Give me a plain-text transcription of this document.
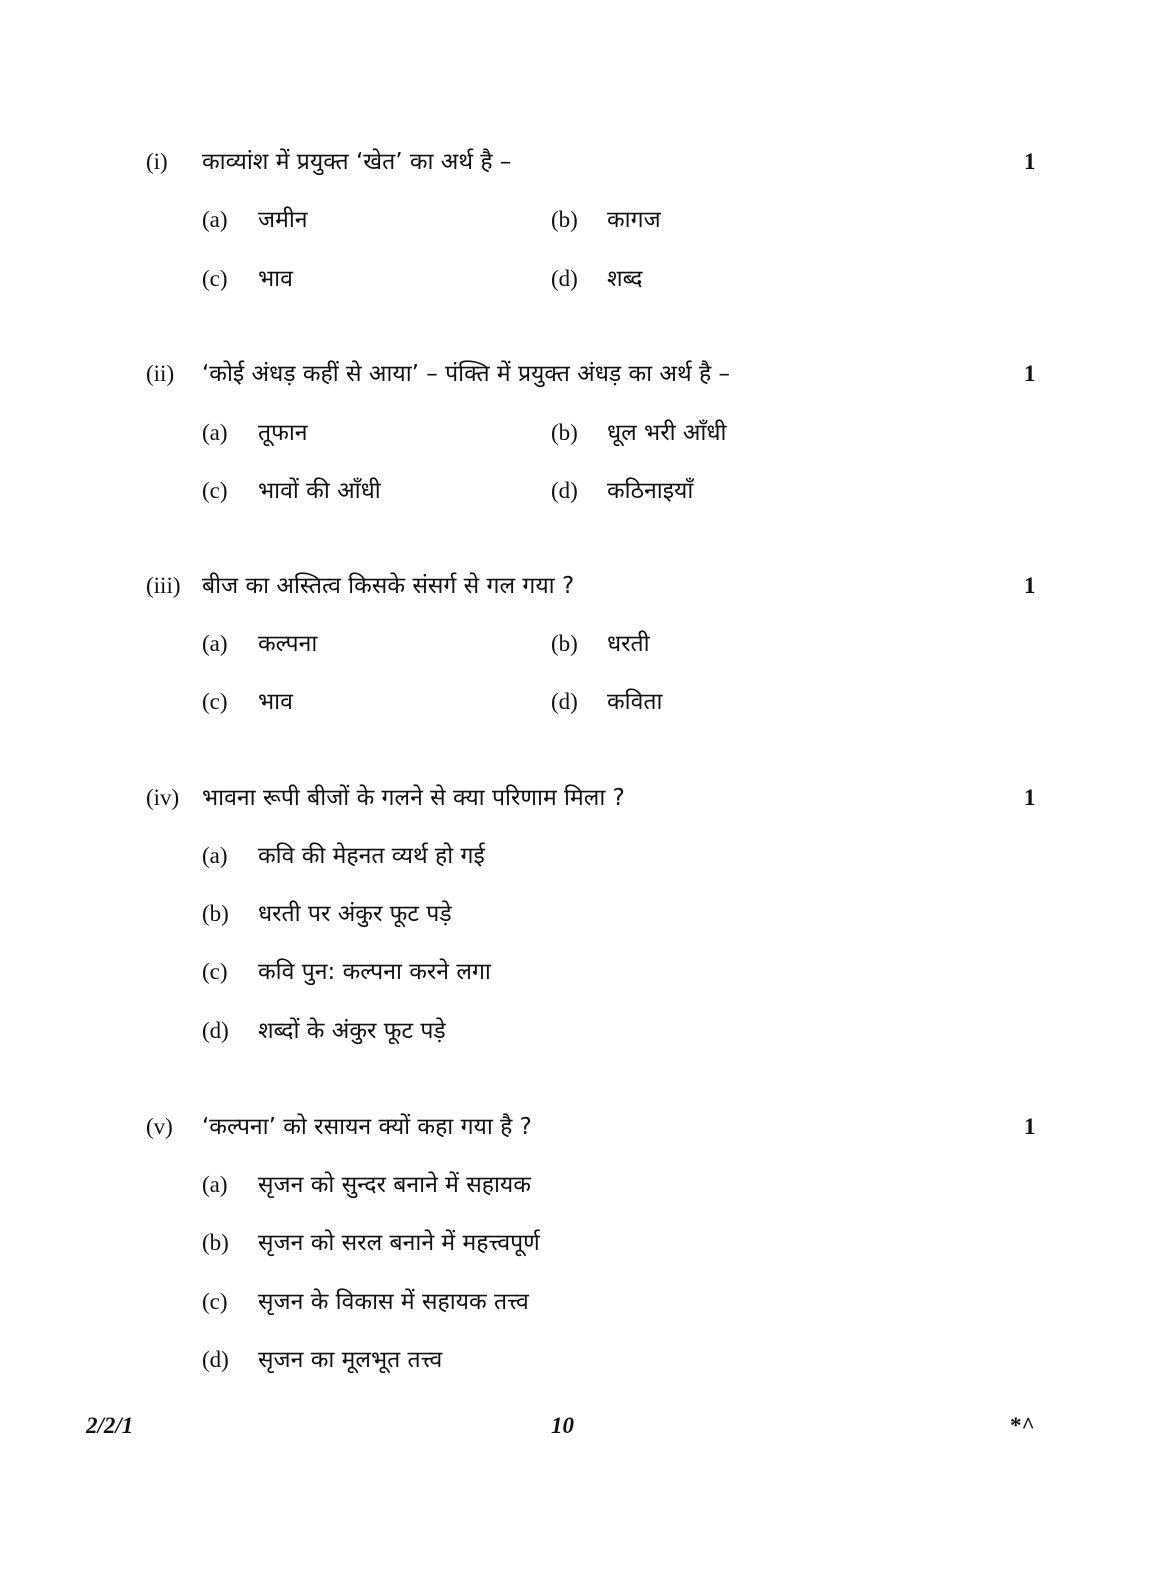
(i) काव्यांश में प्रयुक्त ‘खेत’ का अर्थ है –	1
(a) जमीन	(b) कागज
(c) भाव	(d) शब्द
(ii) ‘कोई अंधड़ कहीं से आया’ – पंक्ति में प्रयुक्त अंधड़ का अर्थ है –	1
(a) तूफान	(b) धूल भरी आँधी
(c) भावों की आँधी	(d) कठिनाइयाँ
(iii) बीज का अस्तित्व किसके संसर्ग से गल गया ?	1
(a) कल्पना	(b) धरती
(c) भाव	(d) कविता
(iv) भावना रूपी बीजों के गलने से क्या परिणाम मिला ?	1
(a) कवि की मेहनत व्यर्थ हो गई
(b) धरती पर अंकुर फूट पड़े
(c) कवि पुन: कल्पना करने लगा
(d) शब्दों के अंकुर फूट पड़े
(v) ‘कल्पना’ को रसायन क्यों कहा गया है ?	1
(a) सृजन को सुन्दर बनाने में सहायक
(b) सृजन को सरल बनाने में महत्त्वपूर्ण
(c) सृजन के विकास में सहायक तत्त्व
(d) सृजन का मूलभूत तत्त्व
2/2/1	10	*^
